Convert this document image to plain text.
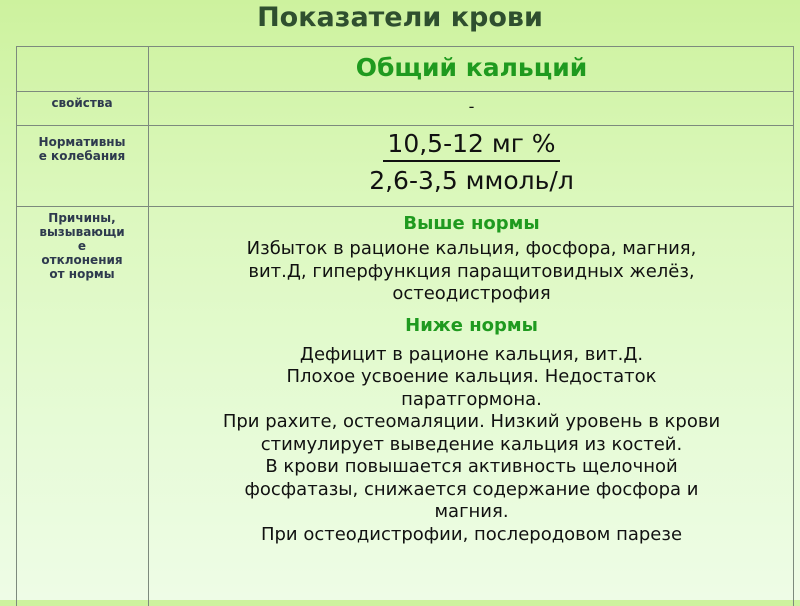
Показатели крови
Общий кальций
свойства	-
Нормативны
е колебания	10,5-12 мг %
2,6-3,5 ммоль/л
Причины,
вызывающи
е
отклонения
от нормы
Выше нормы
Избыток в рационе кальция, фосфора, магния,
вит.Д, гиперфункция паращитовидных желёз,
остеодистрофия
Ниже нормы
Дефицит в рационе кальция, вит.Д.
Плохое усвоение кальция. Недостаток
паратгормона.
При рахите, остеомаляции. Низкий уровень в крови
стимулирует выведение кальция из костей.
В крови повышается активность щелочной
фосфатазы, снижается содержание фосфора и
магния.
При остеодистрофии, послеродовом парезе
